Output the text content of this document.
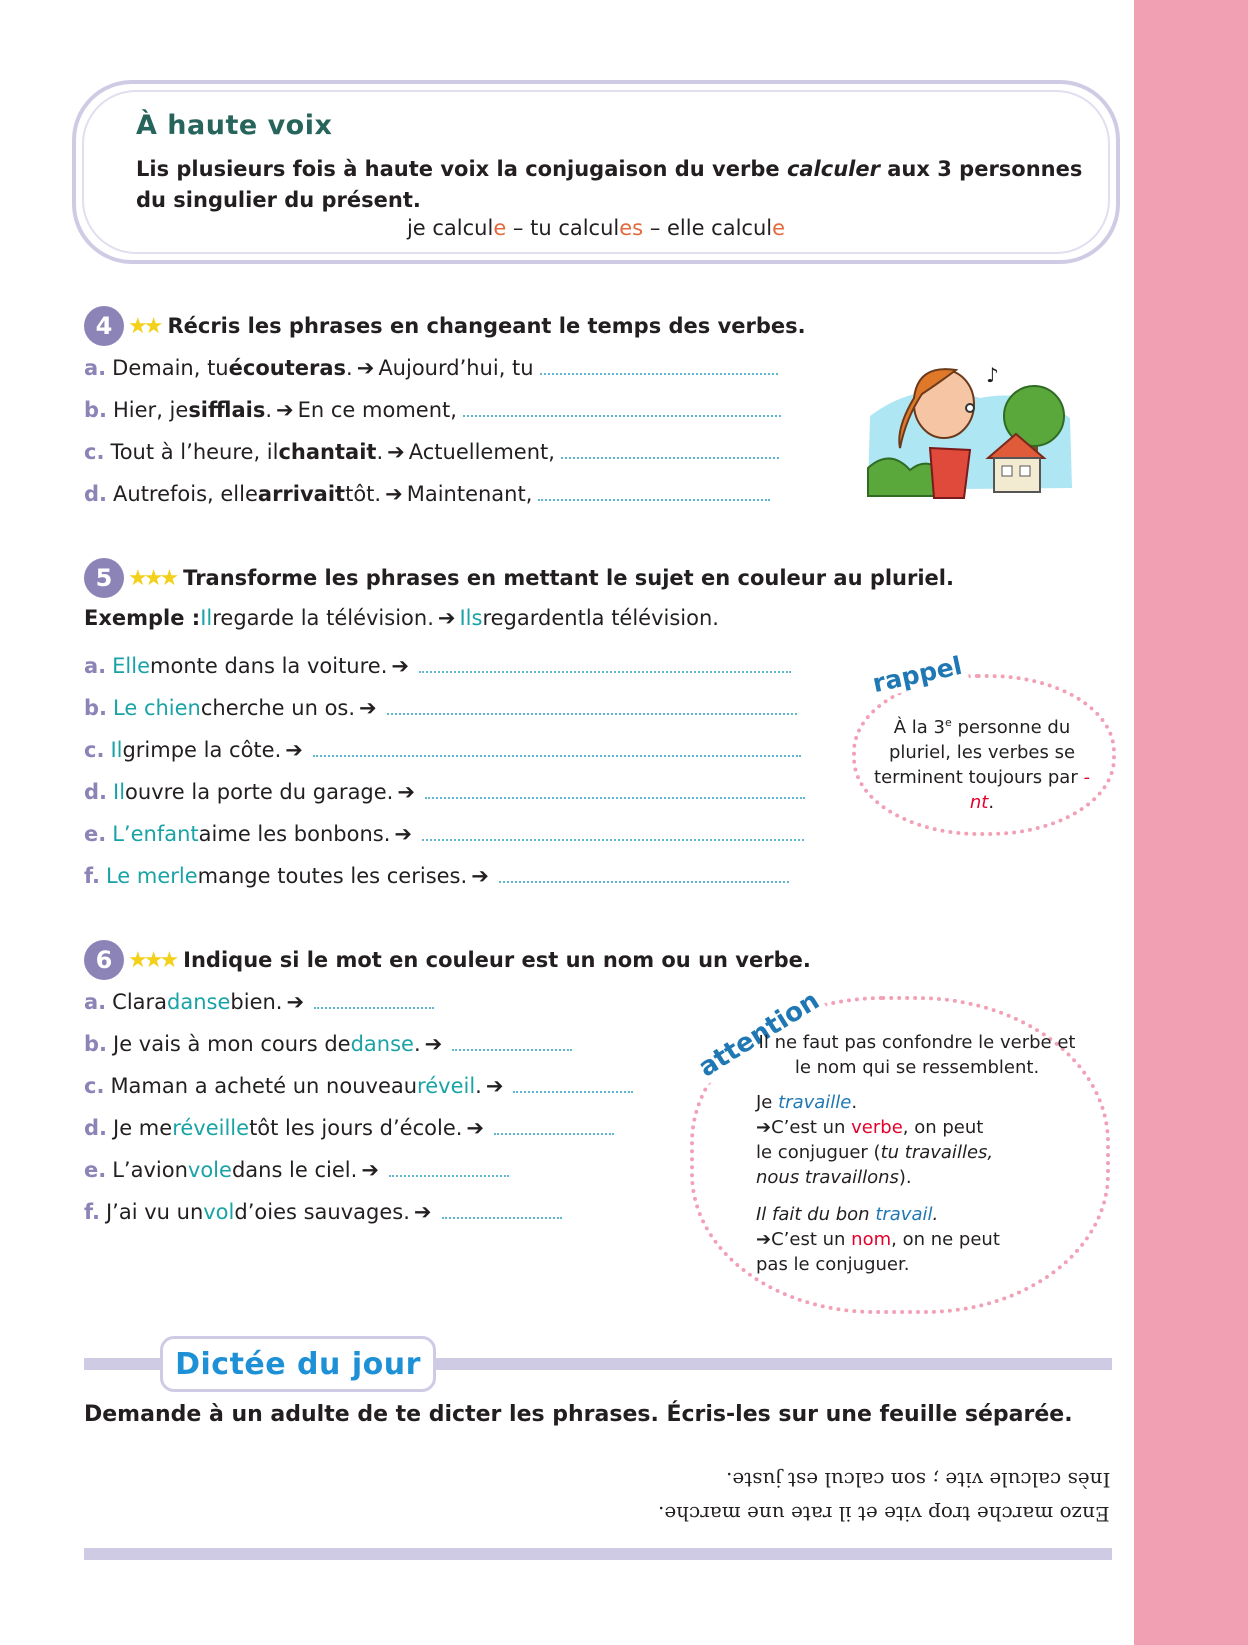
À haute voix
Lis plusieurs fois à haute voix la conjugaison du verbe calculer aux 3 personnes du singulier du présent.
je calcule – tu calcules – elle calcule
4 ★★ Récris les phrases en changeant le temps des verbes.
a. Demain, tu écouteras . ➔ Aujourd’hui, tu
b. Hier, je sifflais . ➔ En ce moment,
c. Tout à l’heure, il chantait . ➔ Actuellement,
d. Autrefois, elle arrivait tôt. ➔ Maintenant,
♪
5 ★★★ Transforme les phrases en mettant le sujet en couleur au pluriel.
Exemple : Il regarde la télévision. ➔ Ils regardent la télévision.
a. Elle monte dans la voiture. ➔
b. Le chien cherche un os. ➔
c. Il grimpe la côte. ➔
d. Il ouvre la porte du garage. ➔
e. L’enfant aime les bonbons. ➔
f. Le merle mange toutes les cerises. ➔
rappel
À la 3e personne du pluriel, les verbes se terminent toujours par -nt.
6 ★★★ Indique si le mot en couleur est un nom ou un verbe.
a. Clara danse bien. ➔
b. Je vais à mon cours de danse . ➔
c. Maman a acheté un nouveau réveil . ➔
d. Je me réveille tôt les jours d’école. ➔
e. L’avion vole dans le ciel. ➔
f. J’ai vu un vol d’oies sauvages. ➔
attention
Il ne faut pas confondre le verbe et le nom qui se ressemblent.
Je travaille.
➔C’est un verbe, on peut
le conjuguer (tu travailles,
nous travaillons).
Il fait du bon travail.
➔C’est un nom, on ne peut
pas le conjuguer.
Dictée du jour
Demande à un adulte de te dicter les phrases. Écris-les sur une feuille séparée.
Inès calcule vite ; son calcul est juste.
Enzo marche trop vite et il rate une marche.
